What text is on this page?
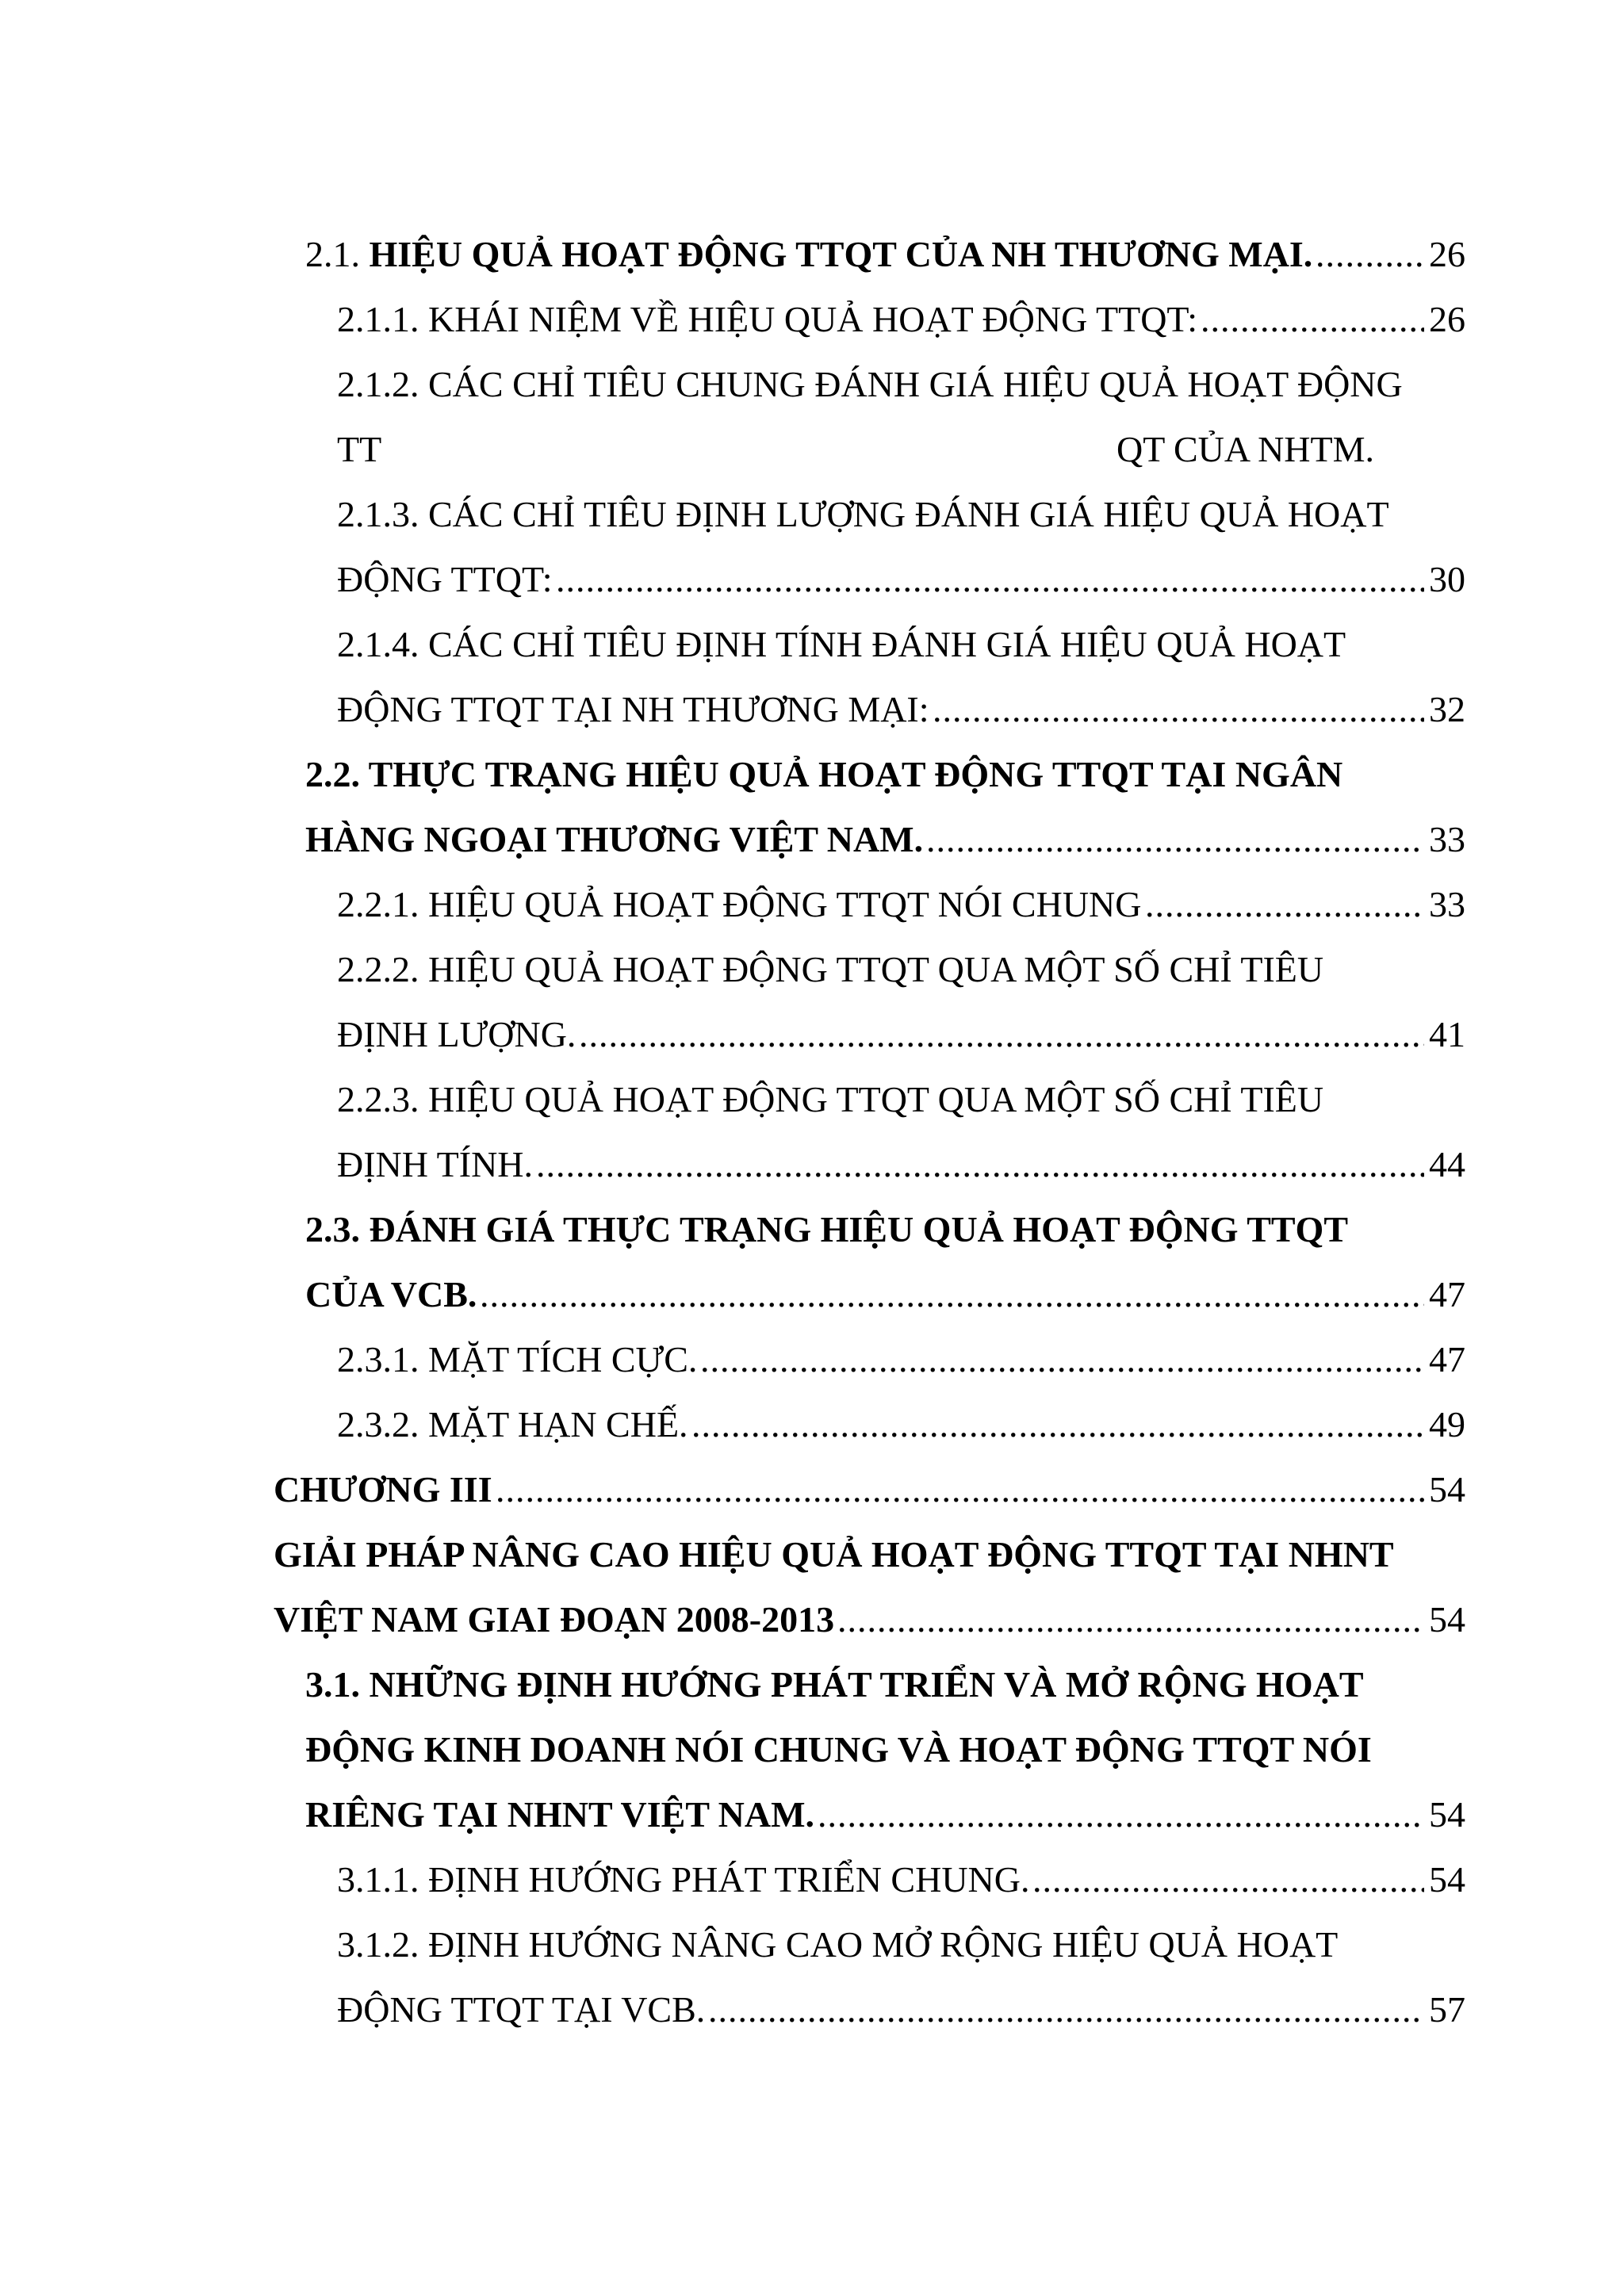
2.1. HIỆU QUẢ HOẠT ĐỘNG TTQT CỦA NH THƯƠNG MẠI.	26
.....
2.1.1. KHÁI NIỆM VỀ HIỆU QUẢ HOẠT ĐỘNG TTQT:	26
.....
2.1.2. CÁC CHỈ TIÊU CHUNG ĐÁNH GIÁ HIỆU QUẢ HOẠT ĐỘNG
TT	QT CỦA NHTM.
2.1.3. CÁC CHỈ TIÊU ĐỊNH LƯỢNG ĐÁNH GIÁ HIỆU QUẢ HOẠT
ĐỘNG TTQT:	30
.....
2.1.4. CÁC CHỈ TIÊU ĐỊNH TÍNH ĐÁNH GIÁ HIỆU QUẢ HOẠT
ĐỘNG TTQT TẠI NH THƯƠNG MẠI:	32
.....
2.2. THỰC TRẠNG HIỆU QUẢ HOẠT ĐỘNG TTQT TẠI NGÂN
HÀNG NGOẠI THƯƠNG VIỆT NAM.	33
.....
2.2.1. HIỆU QUẢ HOẠT ĐỘNG TTQT NÓI CHUNG	33
.....
2.2.2. HIỆU QUẢ HOẠT ĐỘNG TTQT QUA MỘT SỐ CHỈ TIÊU
ĐỊNH LƯỢNG.	41
.....
2.2.3. HIỆU QUẢ HOẠT ĐỘNG TTQT QUA MỘT SỐ CHỈ TIÊU
ĐỊNH TÍNH.	44
.....
2.3. ĐÁNH GIÁ THỰC TRẠNG HIỆU QUẢ HOẠT ĐỘNG TTQT
CỦA VCB.	47
.....
2.3.1. MẶT TÍCH CỰC.	47
.....
2.3.2. MẶT HẠN CHẾ.	49
.....
CHƯƠNG III	54
.....
GIẢI PHÁP NÂNG CAO HIỆU QUẢ HOẠT ĐỘNG TTQT TẠI NHNT
VIỆT NAM GIAI ĐOẠN 2008-2013	54
.....
3.1. NHỮNG ĐỊNH HƯỚNG PHÁT TRIỂN VÀ MỞ RỘNG HOẠT
ĐỘNG KINH DOANH NÓI CHUNG VÀ HOẠT ĐỘNG TTQT NÓI
RIÊNG TẠI NHNT VIỆT NAM.	54
.....
3.1.1. ĐỊNH HƯỚNG PHÁT TRIỂN CHUNG.	54
.....
3.1.2. ĐỊNH HƯỚNG NÂNG CAO MỞ RỘNG HIỆU QUẢ HOẠT
ĐỘNG TTQT TẠI VCB.	57
.....
